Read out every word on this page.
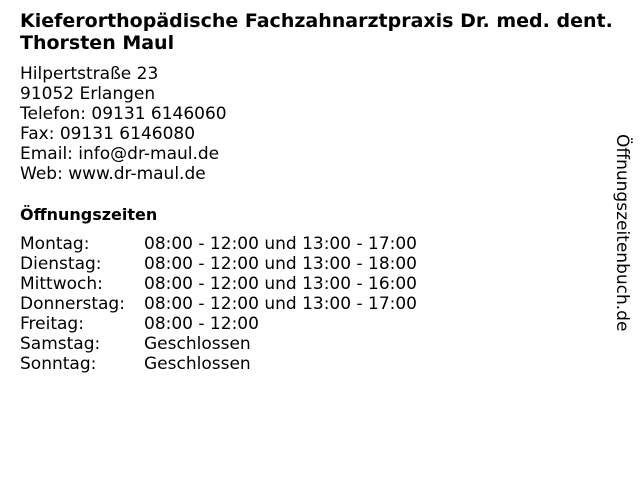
Kieferorthopädische Fachzahnarztpraxis Dr. med. dent. Thorsten Maul
Hilpertstraße 23
91052 Erlangen
Telefon: 09131 6146060
Fax: 09131 6146080
Email: info@dr-maul.de
Web: www.dr-maul.de
Öffnungszeiten
Montag:	08:00 - 12:00 und 13:00 - 17:00
Dienstag:	08:00 - 12:00 und 13:00 - 18:00
Mittwoch:	08:00 - 12:00 und 13:00 - 16:00
Donnerstag:	08:00 - 12:00 und 13:00 - 17:00
Freitag:	08:00 - 12:00
Samstag:	Geschlossen
Sonntag:	Geschlossen
Öffnungszeitenbuch.de
